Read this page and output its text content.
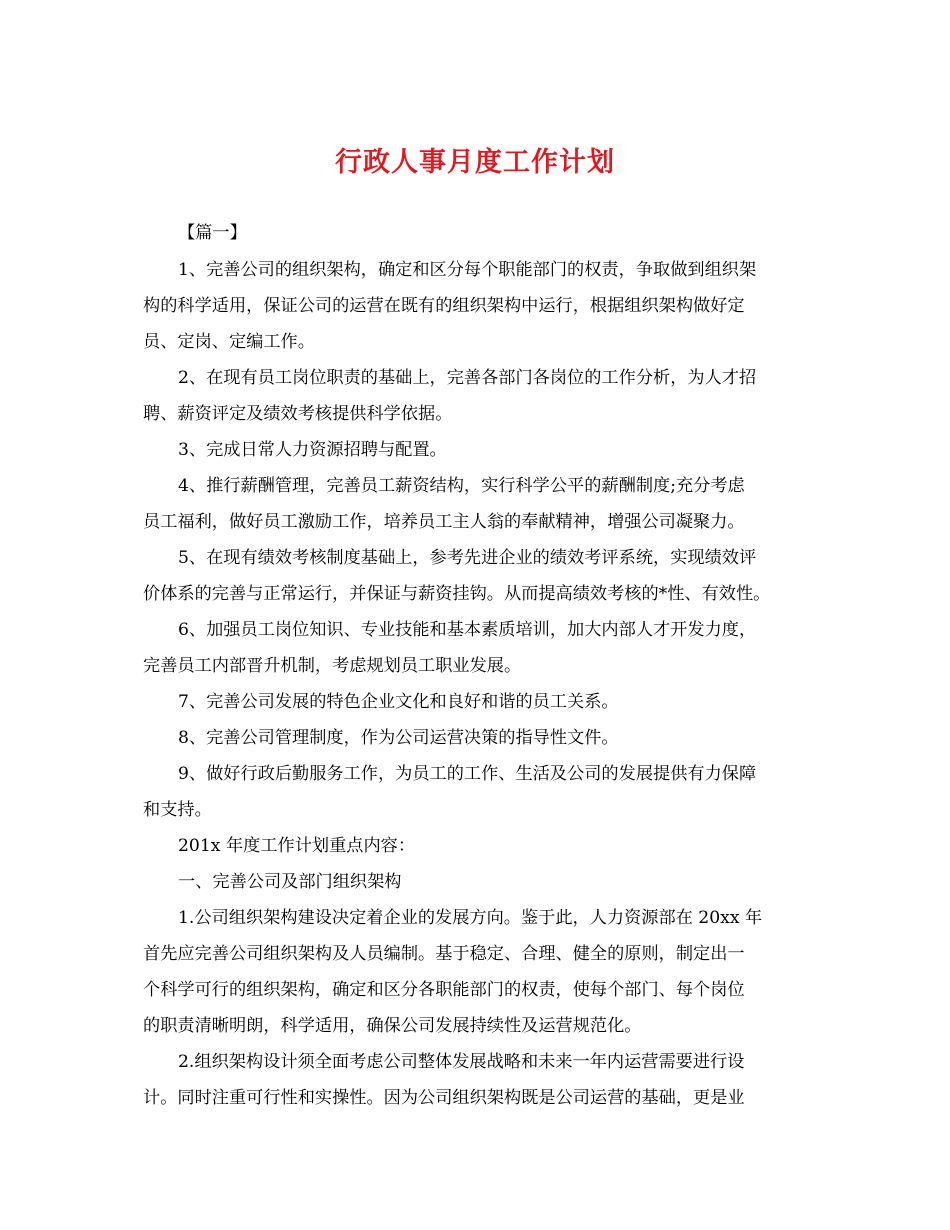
行政人事月度工作计划
【篇一】
1、完善公司的组织架构，确定和区分每个职能部门的权责，争取做到组织架
构的科学适用，保证公司的运营在既有的组织架构中运行，根据组织架构做好定
员、定岗、定编工作。
2、在现有员工岗位职责的基础上，完善各部门各岗位的工作分析，为人才招
聘、薪资评定及绩效考核提供科学依据。
3、完成日常人力资源招聘与配置。
4、推行薪酬管理，完善员工薪资结构，实行科学公平的薪酬制度;充分考虑
员工福利，做好员工激励工作，培养员工主人翁的奉献精神，增强公司凝聚力。
5、在现有绩效考核制度基础上，参考先进企业的绩效考评系统，实现绩效评
价体系的完善与正常运行，并保证与薪资挂钩。从而提高绩效考核的*性、有效性。
6、加强员工岗位知识、专业技能和基本素质培训，加大内部人才开发力度，
完善员工内部晋升机制，考虑规划员工职业发展。
7、完善公司发展的特色企业文化和良好和谐的员工关系。
8、完善公司管理制度，作为公司运营决策的指导性文件。
9、做好行政后勤服务工作，为员工的工作、生活及公司的发展提供有力保障
和支持。
201x 年度工作计划重点内容：
一、完善公司及部门组织架构
1.公司组织架构建设决定着企业的发展方向。鉴于此，人力资源部在 20xx 年
首先应完善公司组织架构及人员编制。基于稳定、合理、健全的原则，制定出一
个科学可行的组织架构，确定和区分各职能部门的权责，使每个部门、每个岗位
的职责清晰明朗，科学适用，确保公司发展持续性及运营规范化。
2.组织架构设计须全面考虑公司整体发展战略和未来一年内运营需要进行设
计。同时注重可行性和实操性。因为公司组织架构既是公司运营的基础，更是业
